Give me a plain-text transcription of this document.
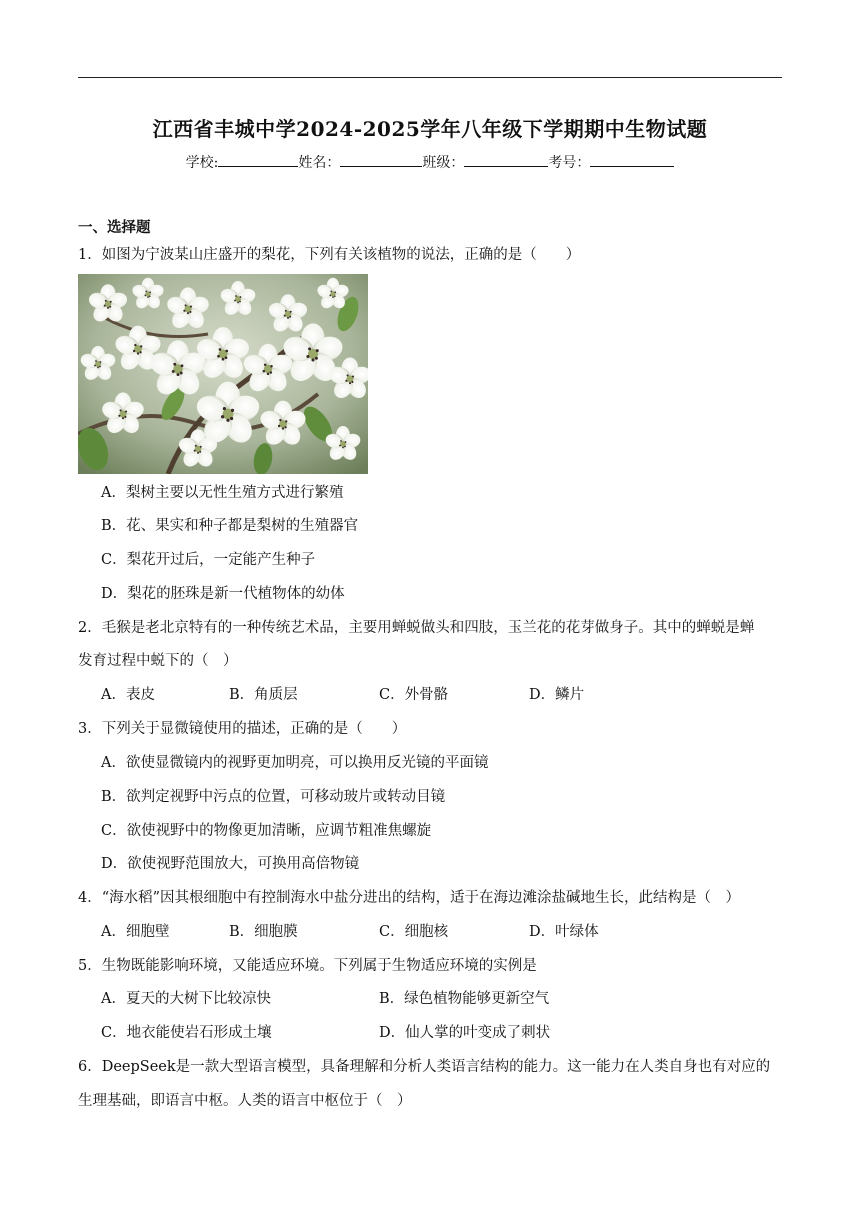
江西省丰城中学2024-2025学年八年级下学期期中生物试题
学校:	姓名：	班级：	考号：
一、选择题
1．如图为宁波某山庄盛开的梨花，下列有关该植物的说法，正确的是（　　）
A．梨树主要以无性生殖方式进行繁殖
B．花、果实和种子都是梨树的生殖器官
C．梨花开过后，一定能产生种子
D．梨花的胚珠是新一代植物体的幼体
2．毛猴是老北京特有的一种传统艺术品，主要用蝉蜕做头和四肢，玉兰花的花芽做身子。其中的蝉蜕是蝉
发育过程中蜕下的（　）
A．表皮	B．角质层	C．外骨骼	D．鳞片
3．下列关于显微镜使用的描述，正确的是（　　）
A．欲使显微镜内的视野更加明亮，可以换用反光镜的平面镜
B．欲判定视野中污点的位置，可移动玻片或转动目镜
C．欲使视野中的物像更加清晰，应调节粗准焦螺旋
D．欲使视野范围放大，可换用高倍物镜
4．“海水稻”因其根细胞中有控制海水中盐分进出的结构，适于在海边滩涂盐碱地生长，此结构是（　）
A．细胞壁	B．细胞膜	C．细胞核	D．叶绿体
5．生物既能影响环境，又能适应环境。下列属于生物适应环境的实例是
A．夏天的大树下比较凉快	B．绿色植物能够更新空气
C．地衣能使岩石形成土壤	D．仙人掌的叶变成了刺状
6．DeepSeek是一款大型语言模型，具备理解和分析人类语言结构的能力。这一能力在人类自身也有对应的
生理基础，即语言中枢。人类的语言中枢位于（　）
